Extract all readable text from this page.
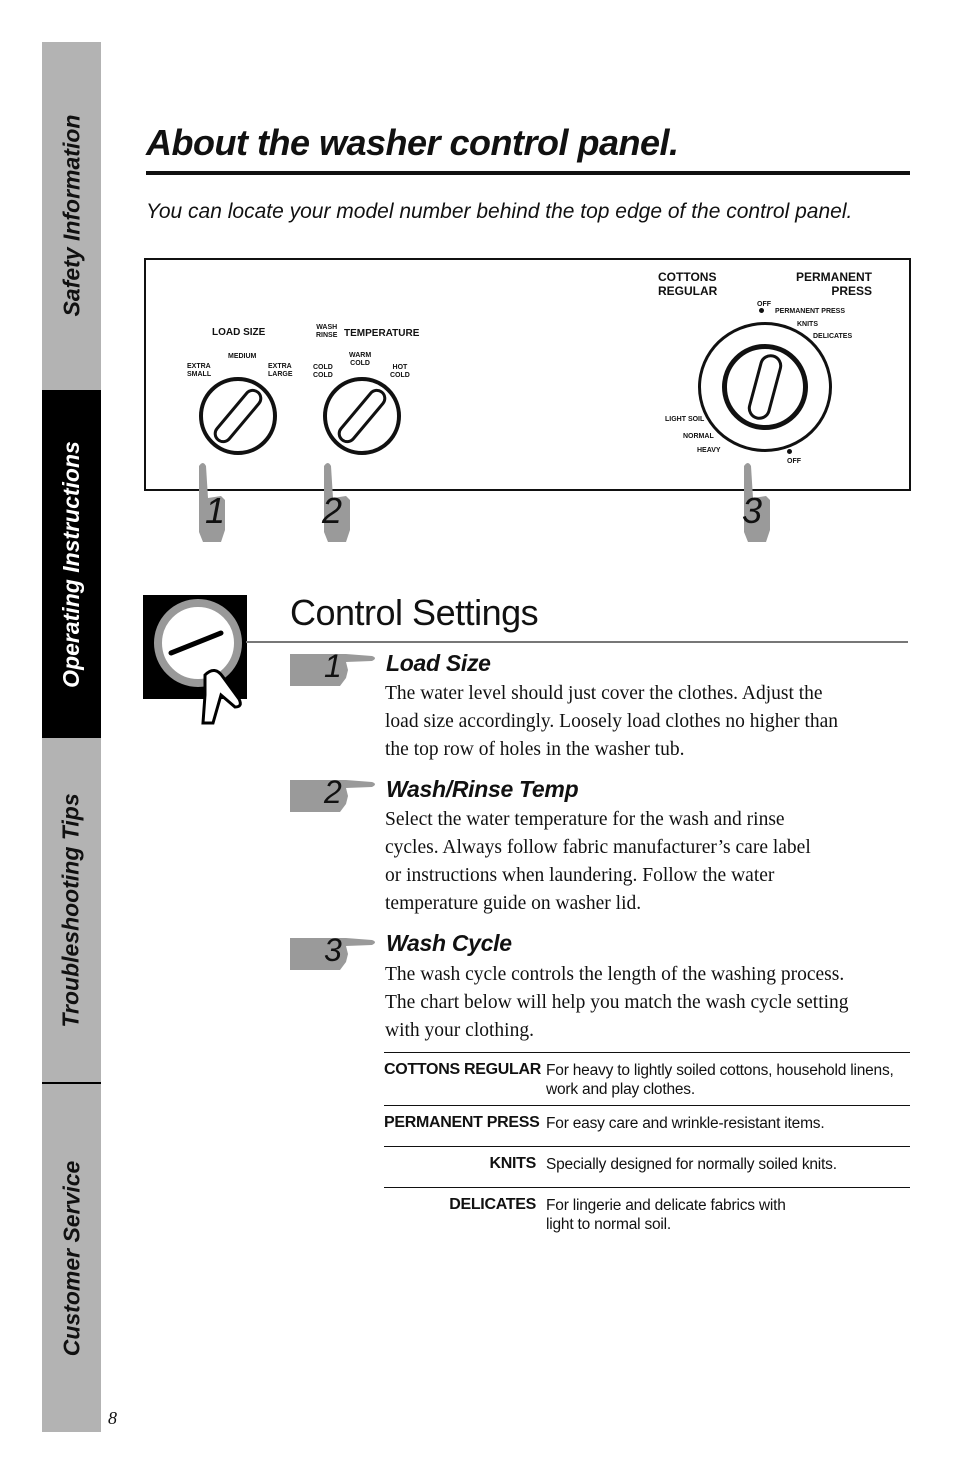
Safety Information
Operating Instructions
Troubleshooting Tips
Customer Service
8
About the washer control panel.
You can locate your model number behind the top edge of the control panel.
LOAD SIZE
MEDIUM
EXTRA
SMALL
EXTRA
LARGE
WASH
RINSE TEMPERATURE
WARM
COLD
COLD
COLD
HOT
COLD
COTTONS
REGULAR
PERMANENT
PRESS
OFF
PERMANENT PRESS
KNITS
DELICATES
LIGHT SOIL
NORMAL
HEAVY
OFF
1	2	3
Control Settings
1 Load Size
The water level should just cover the clothes. Adjust the
load size accordingly. Loosely load clothes no higher than
the top row of holes in the washer tub.
2 Wash/Rinse Temp
Select the water temperature for the wash and rinse
cycles. Always follow fabric manufacturer’s care label
or instructions when laundering. Follow the water
temperature guide on washer lid.
3 Wash Cycle
The wash cycle controls the length of the washing process.
The chart below will help you match the wash cycle setting
with your clothing.
COTTONS REGULAR For heavy to lightly soiled cottons, household linens,
work and play clothes.
PERMANENT PRESS For easy care and wrinkle-resistant items.
KNITS Specially designed for normally soiled knits.
DELICATES For lingerie and delicate fabrics with
light to normal soil.
